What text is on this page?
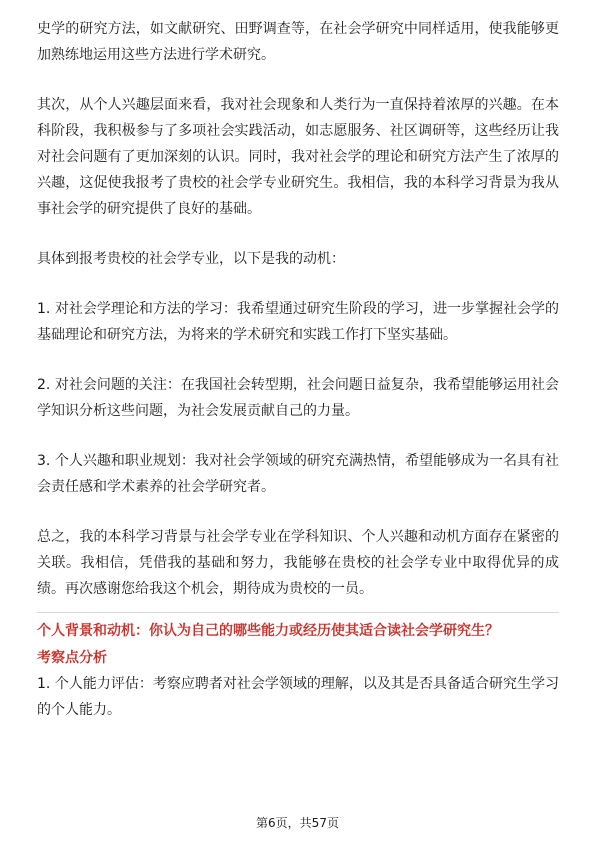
史学的研究方法，如文献研究、田野调查等，在社会学研究中同样适用，使我能够更加熟练地运用这些方法进行学术研究。

其次，从个人兴趣层面来看，我对社会现象和人类行为一直保持着浓厚的兴趣。在本科阶段，我积极参与了多项社会实践活动，如志愿服务、社区调研等，这些经历让我对社会问题有了更加深刻的认识。同时，我对社会学的理论和研究方法产生了浓厚的兴趣，这促使我报考了贵校的社会学专业研究生。我相信，我的本科学习背景为我从事社会学的研究提供了良好的基础。

具体到报考贵校的社会学专业，以下是我的动机：

1. 对社会学理论和方法的学习：我希望通过研究生阶段的学习，进一步掌握社会学的基础理论和研究方法，为将来的学术研究和实践工作打下坚实基础。

2. 对社会问题的关注：在我国社会转型期，社会问题日益复杂，我希望能够运用社会学知识分析这些问题，为社会发展贡献自己的力量。

3. 个人兴趣和职业规划：我对社会学领域的研究充满热情，希望能够成为一名具有社会责任感和学术素养的社会学研究者。

总之，我的本科学习背景与社会学专业在学科知识、个人兴趣和动机方面存在紧密的关联。我相信，凭借我的基础和努力，我能够在贵校的社会学专业中取得优异的成绩。再次感谢您给我这个机会，期待成为贵校的一员。

个人背景和动机：你认为自己的哪些能力或经历使其适合读社会学研究生？

考察点分析

1. 个人能力评估：考察应聘者对社会学领域的理解，以及其是否具备适合研究生学习的个人能力。

第6页，共57页
